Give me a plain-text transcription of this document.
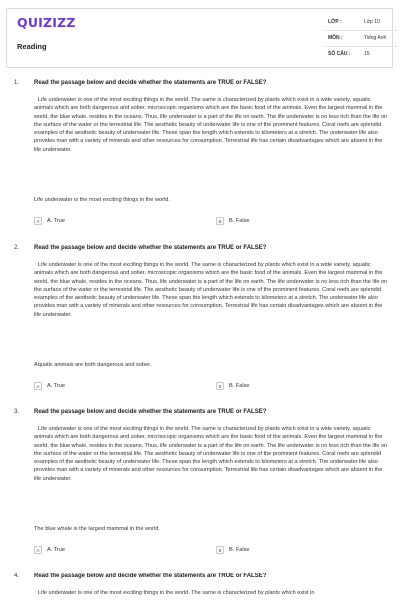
QUIZIZZ
Reading
LỚP :	Lớp 10
MÔN :	Tiếng Anh
SỐ CÂU :	15
1. Read the passage below and decide whether the statements are TRUE or FALSE?
Life underwater is one of the most exciting things in the world. The same is characterized by plants which exist in a wide variety, aquatic animals which are both dangerous and sober, microscopic organisms which are the basic food of the animals. Even the largest mammal in the world, the blue whale, resides in the oceans. Thus, life underwater is a part of the life on earth. The life underwater is no less rich than the life on the surface of the water or the terrestrial life. The aesthetic beauty of underwater life is one of the prominent features. Coral reefs are splendid examples of the aesthetic beauty of underwater life. These span the length which extends to kilometers at a stretch. The underwater life also provides man with a variety of minerals and other resources for consumption. Terrestrial life has certain disadvantages which are absent in the life underwater.
Life underwater is the most exciting things in the world.
A	A. True	B	B. False
2. Read the passage below and decide whether the statements are TRUE or FALSE?
Life underwater is one of the most exciting things in the world. The same is characterized by plants which exist in a wide variety, aquatic animals which are both dangerous and sober, microscopic organisms which are the basic food of the animals. Even the largest mammal in the world, the blue whale, resides in the oceans. Thus, life underwater is a part of the life on earth. The life underwater is no less rich than the life on the surface of the water or the terrestrial life. The aesthetic beauty of underwater life is one of the prominent features. Coral reefs are splendid examples of the aesthetic beauty of underwater life. These span the length which extends to kilometers at a stretch. The underwater life also provides man with a variety of minerals and other resources for consumption. Terrestrial life has certain disadvantages which are absent in the life underwater.
Aquatic animals are both dangerous and sober.
A	A. True	B	B. False
3. Read the passage below and decide whether the statements are TRUE or FALSE?
Life underwater is one of the most exciting things in the world. The same is characterized by plants which exist in a wide variety, aquatic animals which are both dangerous and sober, microscopic organisms which are the basic food of the animals. Even the largest mammal in the world, the blue whale, resides in the oceans. Thus, life underwater is a part of the life on earth. The life underwater is no less rich than the life on the surface of the water or the terrestrial life. The aesthetic beauty of underwater life is one of the prominent features. Coral reefs are splendid examples of the aesthetic beauty of underwater life. These span the length which extends to kilometers at a stretch. The underwater life also provides man with a variety of minerals and other resources for consumption. Terrestrial life has certain disadvantages which are absent in the life underwater.
The blue whale is the largest mammal in the world.
A	A. True	B	B. False
4. Read the passage below and decide whether the statements are TRUE or FALSE?
Life underwater is one of the most exciting things in the world. The same is characterized by plants which exist in
